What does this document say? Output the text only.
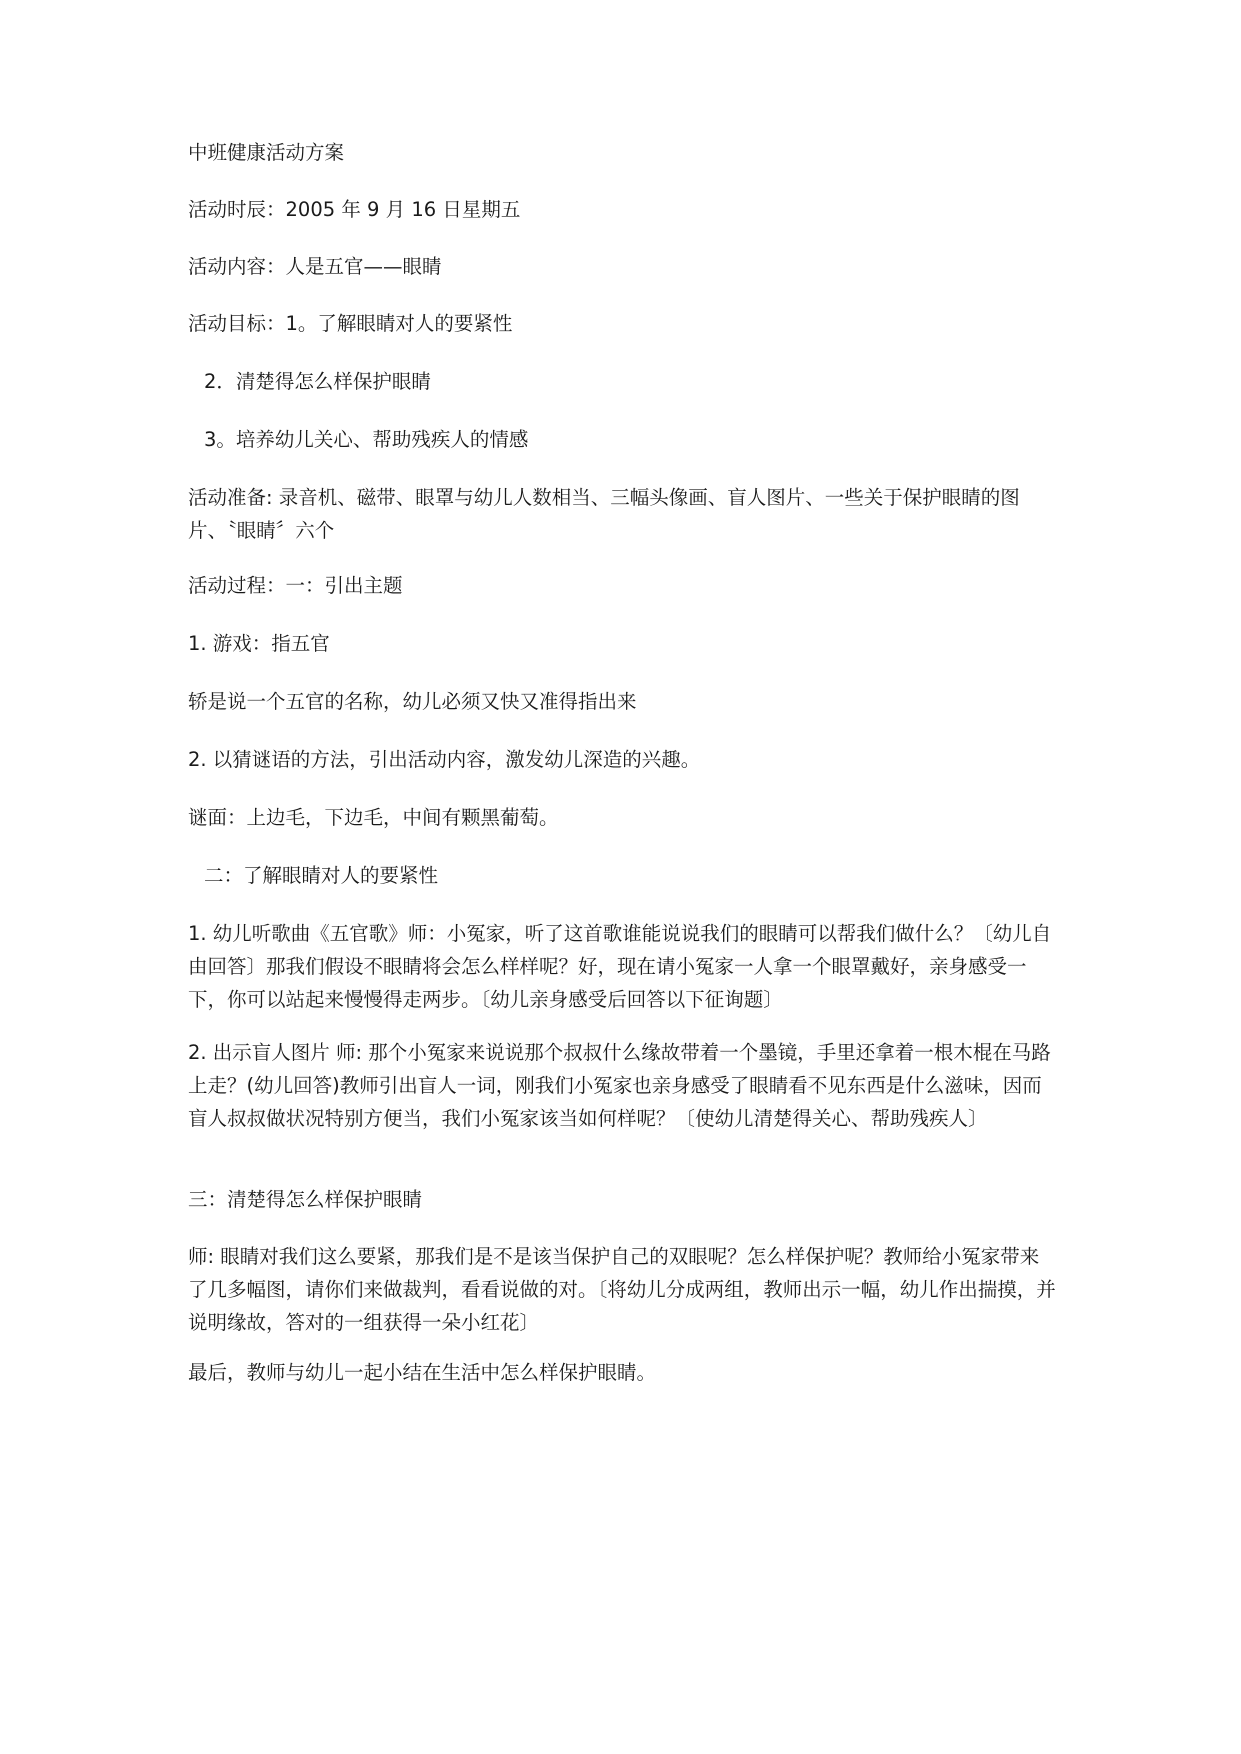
中班健康活动方案
活动时辰：2005 年 9 月 16 日星期五
活动内容：人是五官——眼睛
活动目标：1。了解眼睛对人的要紧性
2．清楚得怎么样保护眼睛
3。培养幼儿关心、帮助残疾人的情感
活动准备: 录音机、磁带、眼罩与幼儿人数相当、三幅头像画、盲人图片、一些关于保护眼睛的图片、〝眼睛〞六个
活动过程：一：引出主题
1. 游戏：指五官
轿是说一个五官的名称，幼儿必须又快又准得指出来
2. 以猜谜语的方法，引出活动内容，激发幼儿深造的兴趣。
谜面：上边毛，下边毛，中间有颗黑葡萄。
二：了解眼睛对人的要紧性
1. 幼儿听歌曲《五官歌》师：小冤家，听了这首歌谁能说说我们的眼睛可以帮我们做什么？〔幼儿自由回答〕那我们假设不眼睛将会怎么样样呢？好，现在请小冤家一人拿一个眼罩戴好，亲身感受一下，你可以站起来慢慢得走两步。〔幼儿亲身感受后回答以下征询题〕
2. 出示盲人图片 师: 那个小冤家来说说那个叔叔什么缘故带着一个墨镜，手里还拿着一根木棍在马路上走？(幼儿回答)教师引出盲人一词，刚我们小冤家也亲身感受了眼睛看不见东西是什么滋味，因而盲人叔叔做状况特别方便当，我们小冤家该当如何样呢？〔使幼儿清楚得关心、帮助残疾人〕
三：清楚得怎么样保护眼睛
师: 眼睛对我们这么要紧，那我们是不是该当保护自己的双眼呢？怎么样保护呢？教师给小冤家带来了几多幅图，请你们来做裁判，看看说做的对。〔将幼儿分成两组，教师出示一幅，幼儿作出揣摸，并说明缘故，答对的一组获得一朵小红花〕
最后，教师与幼儿一起小结在生活中怎么样保护眼睛。
